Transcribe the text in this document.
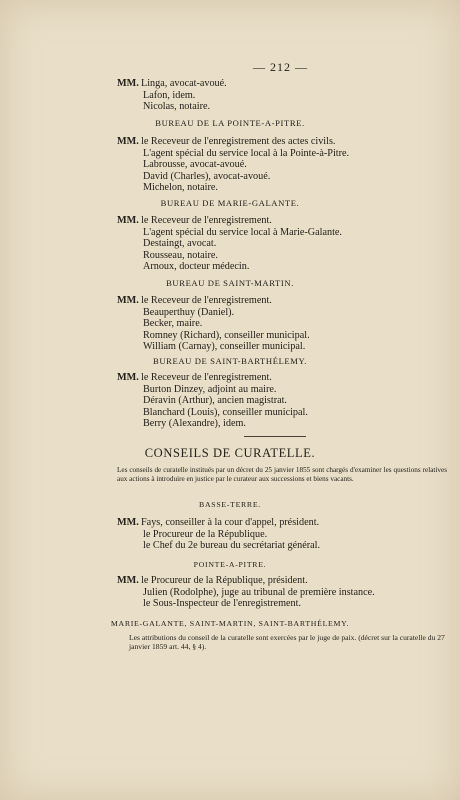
— 212 —
MM. Linga, avocat-avoué.
Lafon, idem.
Nicolas, notaire.
BUREAU DE LA POINTE-A-PITRE.
MM. le Receveur de l'enregistrement des actes civils.
L'agent spécial du service local à la Pointe-à-Pitre.
Labrousse, avocat-avoué.
David (Charles), avocat-avoué.
Michelon, notaire.
BUREAU DE MARIE-GALANTE.
MM. le Receveur de l'enregistrement.
L'agent spécial du service local à Marie-Galante.
Destaingt, avocat.
Rousseau, notaire.
Arnoux, docteur médecin.
BUREAU DE SAINT-MARTIN.
MM. le Receveur de l'enregistrement.
Beauperthuy (Daniel).
Becker, maire.
Romney (Richard), conseiller municipal.
William (Carnay), conseiller municipal.
BUREAU DE SAINT-BARTHÉLEMY.
MM. le Receveur de l'enregistrement.
Burton Dinzey, adjoint au maire.
Déravin (Arthur), ancien magistrat.
Blanchard (Louis), conseiller municipal.
Berry (Alexandre), idem.
CONSEILS DE CURATELLE.
Les conseils de curatelle institués par un décret du 25 janvier 1855 sont chargés d'examiner les questions relatives aux actions à introduire en justice par le curateur aux successions et biens vacants.
BASSE-TERRE.
MM. Fays, conseiller à la cour d'appel, président.
le Procureur de la République.
le Chef du 2e bureau du secrétariat général.
POINTE-A-PITRE.
MM. le Procureur de la République, président.
Julien (Rodolphe), juge au tribunal de première instance.
le Sous-Inspecteur de l'enregistrement.
MARIE-GALANTE, SAINT-MARTIN, SAINT-BARTHÉLEMY.
Les attributions du conseil de la curatelle sont exercées par le juge de paix. (décret sur la curatelle du 27 janvier 1859 art. 44, § 4).
